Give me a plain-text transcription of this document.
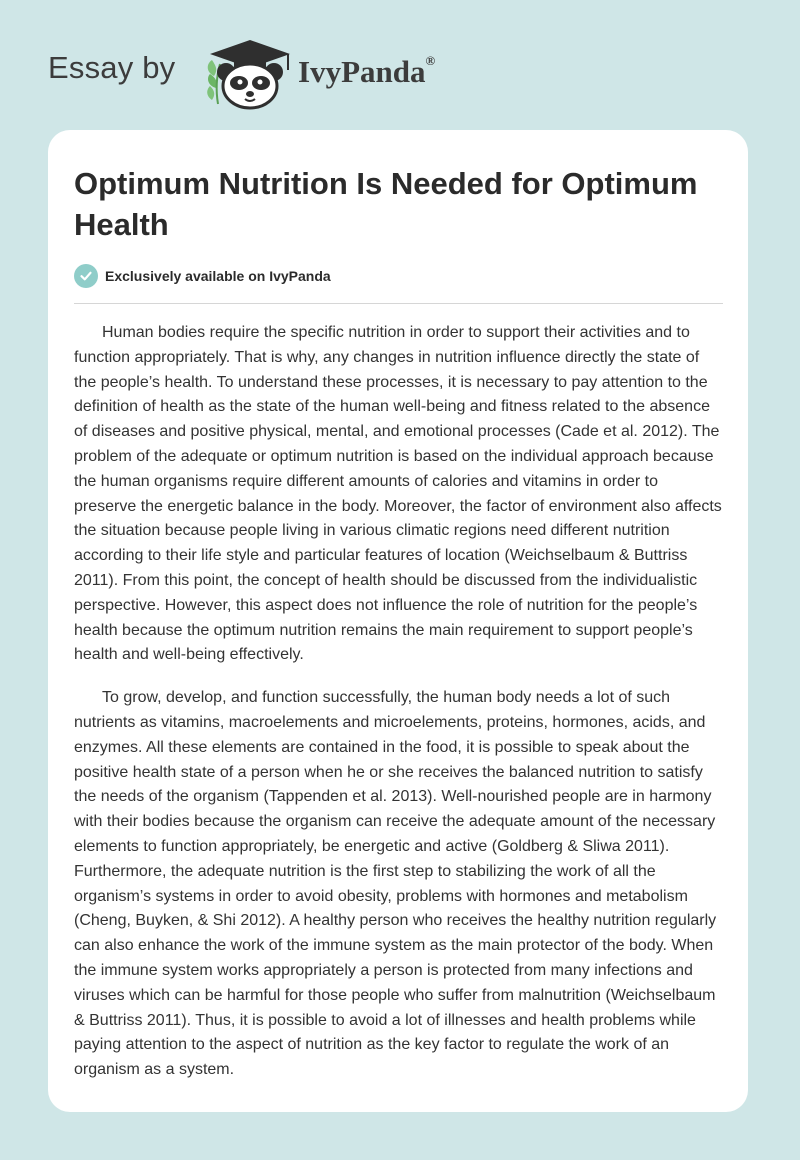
Essay by	IvyPanda®
Optimum Nutrition Is Needed for Optimum Health
Exclusively available on IvyPanda

Human bodies require the specific nutrition in order to support their activities and to function appropriately. That is why, any changes in nutrition influence directly the state of the people’s health. To understand these processes, it is necessary to pay attention to the definition of health as the state of the human well-being and fitness related to the absence of diseases and positive physical, mental, and emotional processes (Cade et al. 2012). The problem of the adequate or optimum nutrition is based on the individual approach because the human organisms require different amounts of calories and vitamins in order to preserve the energetic balance in the body. Moreover, the factor of environment also affects the situation because people living in various climatic regions need different nutrition according to their life style and particular features of location (Weichselbaum & Buttriss 2011). From this point, the concept of health should be discussed from the individualistic perspective. However, this aspect does not influence the role of nutrition for the people’s health because the optimum nutrition remains the main requirement to support people’s health and well-being effectively.

To grow, develop, and function successfully, the human body needs a lot of such nutrients as vitamins, macroelements and microelements, proteins, hormones, acids, and enzymes. All these elements are contained in the food, it is possible to speak about the positive health state of a person when he or she receives the balanced nutrition to satisfy the needs of the organism (Tappenden et al. 2013). Well-nourished people are in harmony with their bodies because the organism can receive the adequate amount of the necessary elements to function appropriately, be energetic and active (Goldberg & Sliwa 2011). Furthermore, the adequate nutrition is the first step to stabilizing the work of all the organism’s systems in order to avoid obesity, problems with hormones and metabolism (Cheng, Buyken, & Shi 2012). A healthy person who receives the healthy nutrition regularly can also enhance the work of the immune system as the main protector of the body. When the immune system works appropriately a person is protected from many infections and viruses which can be harmful for those people who suffer from malnutrition (Weichselbaum & Buttriss 2011). Thus, it is possible to avoid a lot of illnesses and health problems while paying attention to the aspect of nutrition as the key factor to regulate the work of an organism as a system.
